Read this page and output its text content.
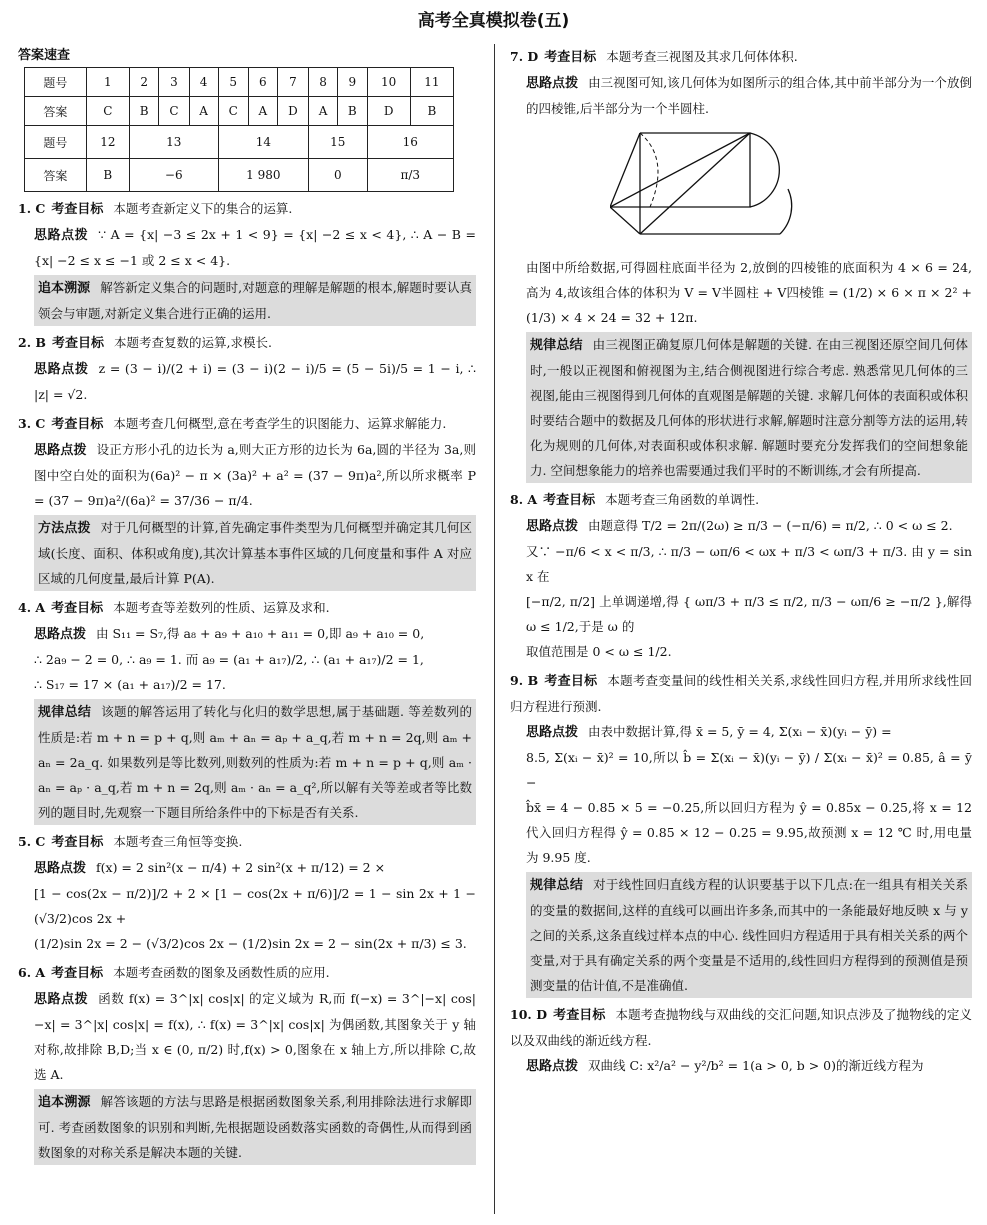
高考全真模拟卷(五)
答案速查
题号	1	2	3	4	5	6	7	8	9	10	11
答案	C	B	C	A	C	A	D	A	B	D	B
题号	12	13			14			15		16	
答案	B	−6			1 980			0		π/3	
1. C 考查目标 本题考查新定义下的集合的运算.
思路点拨 ∵ A = {x| −3 ≤ 2x + 1 < 9} = {x| −2 ≤ x < 4}, ∴ A − B = {x| −2 ≤ x ≤ −1 或 2 ≤ x < 4}.
追本溯源 解答新定义集合的问题时,对题意的理解是解题的根本,解题时要认真领会与审题,对新定义集合进行正确的运用.
2. B 考查目标 本题考查复数的运算,求模长.
思路点拨 z = (3 − i)/(2 + i) = (3 − i)(2 − i)/5 = (5 − 5i)/5 = 1 − i, ∴ |z| = √2.
3. C 考查目标 本题考查几何概型,意在考查学生的识图能力、运算求解能力.
思路点拨 设正方形小孔的边长为 a,则大正方形的边长为 6a,圆的半径为 3a,则图中空白处的面积为(6a)² − π × (3a)² + a² = (37 − 9π)a²,所以所求概率 P = (37 − 9π)a²/(6a)² = 37/36 − π/4.
方法点拨 对于几何概型的计算,首先确定事件类型为几何概型并确定其几何区域(长度、面积、体积或角度),其次计算基本事件区域的几何度量和事件 A 对应区域的几何度量,最后计算 P(A).
4. A 考查目标 本题考查等差数列的性质、运算及求和.
思路点拨 由 S₁₁ = S₇,得 a₈ + a₉ + a₁₀ + a₁₁ = 0,即 a₉ + a₁₀ = 0,
∴ 2a₉ − 2 = 0, ∴ a₉ = 1. 而 a₉ = (a₁ + a₁₇)/2, ∴ (a₁ + a₁₇)/2 = 1,
∴ S₁₇ = 17 × (a₁ + a₁₇)/2 = 17.
规律总结 该题的解答运用了转化与化归的数学思想,属于基础题. 等差数列的性质是:若 m + n = p + q,则 aₘ + aₙ = aₚ + a_q,若 m + n = 2q,则 aₘ + aₙ = 2a_q. 如果数列是等比数列,则数列的性质为:若 m + n = p + q,则 aₘ · aₙ = aₚ · a_q,若 m + n = 2q,则 aₘ · aₙ = a_q²,所以解有关等差或者等比数列的题目时,先观察一下题目所给条件中的下标是否有关系.
5. C 考查目标 本题考查三角恒等变换.
思路点拨 f(x) = 2 sin²(x − π/4) + 2 sin²(x + π/12) = 2 ×
[1 − cos(2x − π/2)]/2 + 2 × [1 − cos(2x + π/6)]/2 = 1 − sin 2x + 1 − (√3/2)cos 2x +
(1/2)sin 2x = 2 − (√3/2)cos 2x − (1/2)sin 2x = 2 − sin(2x + π/3) ≤ 3.
6. A 考查目标 本题考查函数的图象及函数性质的应用.
思路点拨 函数 f(x) = 3^|x| cos|x| 的定义域为 R,而 f(−x) = 3^|−x| cos|−x| = 3^|x| cos|x| = f(x), ∴ f(x) = 3^|x| cos|x| 为偶函数,其图象关于 y 轴对称,故排除 B,D;当 x ∈ (0, π/2) 时,f(x) > 0,图象在 x 轴上方,所以排除 C,故选 A.
追本溯源 解答该题的方法与思路是根据函数图象关系,利用排除法进行求解即可. 考查函数图象的识别和判断,先根据题设函数落实函数的奇偶性,从而得到函数图象的对称关系是解决本题的关键.
7. D 考查目标 本题考查三视图及其求几何体体积.
思路点拨 由三视图可知,该几何体为如图所示的组合体,其中前半部分为一个放倒的四棱锥,后半部分为一个半圆柱.
由图中所给数据,可得圆柱底面半径为 2,放倒的四棱锥的底面积为 4 × 6 = 24,高为 4,故该组合体的体积为 V = V半圆柱 + V四棱锥 = (1/2) × 6 × π × 2² + (1/3) × 4 × 24 = 32 + 12π.
规律总结 由三视图正确复原几何体是解题的关键. 在由三视图还原空间几何体时,一般以正视图和俯视图为主,结合侧视图进行综合考虑. 熟悉常见几何体的三视图,能由三视图得到几何体的直观图是解题的关键. 求解几何体的表面积或体积时要结合题中的数据及几何体的形状进行求解,解题时注意分割等方法的运用,转化为规则的几何体,对表面积或体积求解. 解题时要充分发挥我们的空间想象能力. 空间想象能力的培养也需要通过我们平时的不断训练,才会有所提高.
8. A 考查目标 本题考查三角函数的单调性.
思路点拨 由题意得 T/2 = 2π/(2ω) ≥ π/3 − (−π/6) = π/2, ∴ 0 < ω ≤ 2.
又∵ −π/6 < x < π/3, ∴ π/3 − ωπ/6 < ωx + π/3 < ωπ/3 + π/3. 由 y = sin x 在
[−π/2, π/2] 上单调递增,得 { ωπ/3 + π/3 ≤ π/2, π/3 − ωπ/6 ≥ −π/2 },解得 ω ≤ 1/2,于是 ω 的
取值范围是 0 < ω ≤ 1/2.
9. B 考查目标 本题考查变量间的线性相关关系,求线性回归方程,并用所求线性回归方程进行预测.
思路点拨 由表中数据计算,得 x̄ = 5, ȳ = 4, Σ(xᵢ − x̄)(yᵢ − ȳ) =
8.5, Σ(xᵢ − x̄)² = 10,所以 b̂ = Σ(xᵢ − x̄)(yᵢ − ȳ) / Σ(xᵢ − x̄)² = 0.85, â = ȳ −
b̂x̄ = 4 − 0.85 × 5 = −0.25,所以回归方程为 ŷ = 0.85x − 0.25,将 x = 12 代入回归方程得 ŷ = 0.85 × 12 − 0.25 = 9.95,故预测 x = 12 ℃ 时,用电量为 9.95 度.
规律总结 对于线性回归直线方程的认识要基于以下几点:在一组具有相关关系的变量的数据间,这样的直线可以画出许多条,而其中的一条能最好地反映 x 与 y 之间的关系,这条直线过样本点的中心. 线性回归方程适用于具有相关关系的两个变量,对于具有确定关系的两个变量是不适用的,线性回归方程得到的预测值是预测变量的估计值,不是准确值.
10. D 考查目标 本题考查抛物线与双曲线的交汇问题,知识点涉及了抛物线的定义以及双曲线的渐近线方程.
思路点拨 双曲线 C: x²/a² − y²/b² = 1(a > 0, b > 0)的渐近线方程为
